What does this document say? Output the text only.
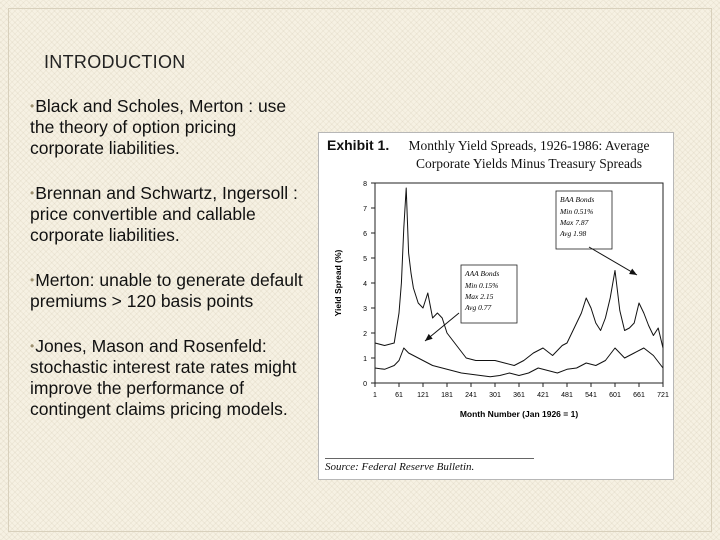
INTRODUCTION
•Black and Scholes, Merton : use the theory of option pricing corporate liabilities.
•Brennan and Schwartz, Ingersoll : price convertible and callable corporate liabilities.
•Merton: unable to generate default premiums > 120 basis points
•Jones, Mason and Rosenfeld: stochastic interest rate rates might improve the performance of contingent claims pricing models.
Exhibit 1.	Monthly Yield Spreads, 1926-1986: Average
Corporate Yields Minus Treasury Spreads
0
1
2
3
4
5
6
7
8
1	61 121 181 241 301 361 421 481 541 601 661 721
Month Number (Jan 1926 = 1)
Yield Spread (%)
BAA Bonds
Min 0.51%
Max 7.87
Avg 1.98
AAA Bonds
Min 0.15%
Max 2.15
Avg 0.77
Source: Federal Reserve Bulletin.
